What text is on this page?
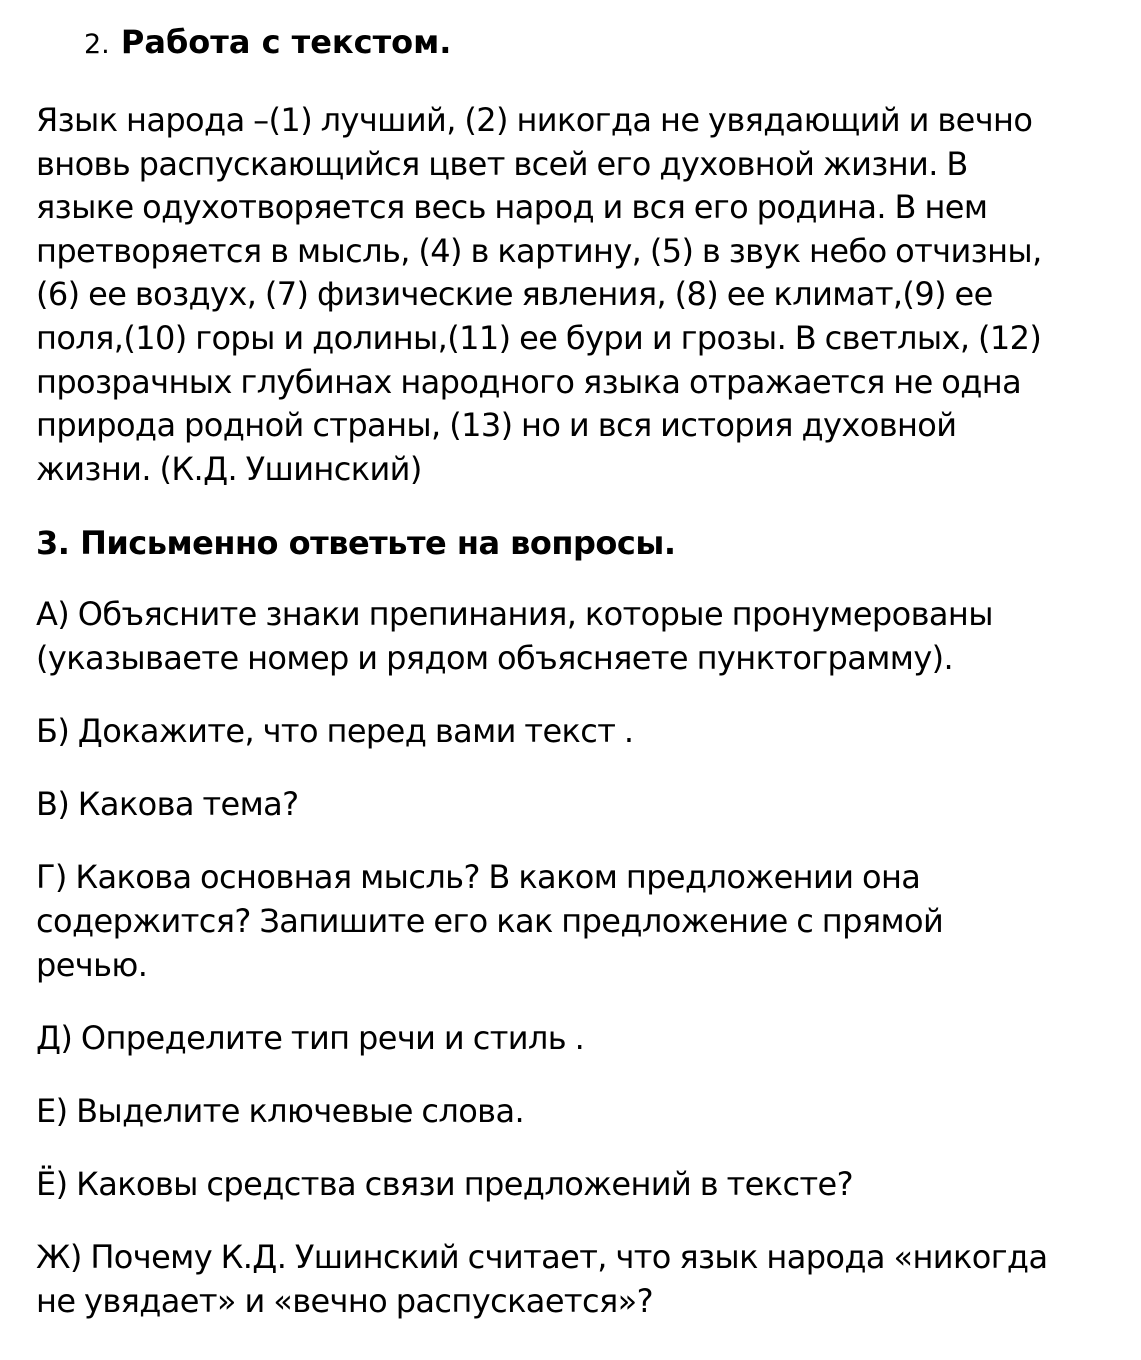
2. Работа с текстом.

Язык народа –(1) лучший, (2) никогда не увядающий и вечно
вновь распускающийся цвет всей его духовной жизни. В
языке одухотворяется весь народ и вся его родина. В нем
претворяется в мысль, (4) в картину, (5) в звук небо отчизны,
(6) ее воздух, (7) физические явления, (8) ее климат,(9) ее
поля,(10) горы и долины,(11) ее бури и грозы. В светлых, (12)
прозрачных глубинах народного языка отражается не одна
природа родной страны, (13) но и вся история духовной
жизни. (К.Д. Ушинский)

3. Письменно ответьте на вопросы.

А) Объясните знаки препинания, которые пронумерованы
(указываете номер и рядом объясняете пунктограмму).

Б) Докажите, что перед вами текст .

В) Какова тема?

Г) Какова основная мысль? В каком предложении она
содержится? Запишите его как предложение с прямой
речью.

Д) Определите тип речи и стиль .

Е) Выделите ключевые слова.

Ё) Каковы средства связи предложений в тексте?

Ж) Почему К.Д. Ушинский считает, что язык народа «никогда
не увядает» и «вечно распускается»?
